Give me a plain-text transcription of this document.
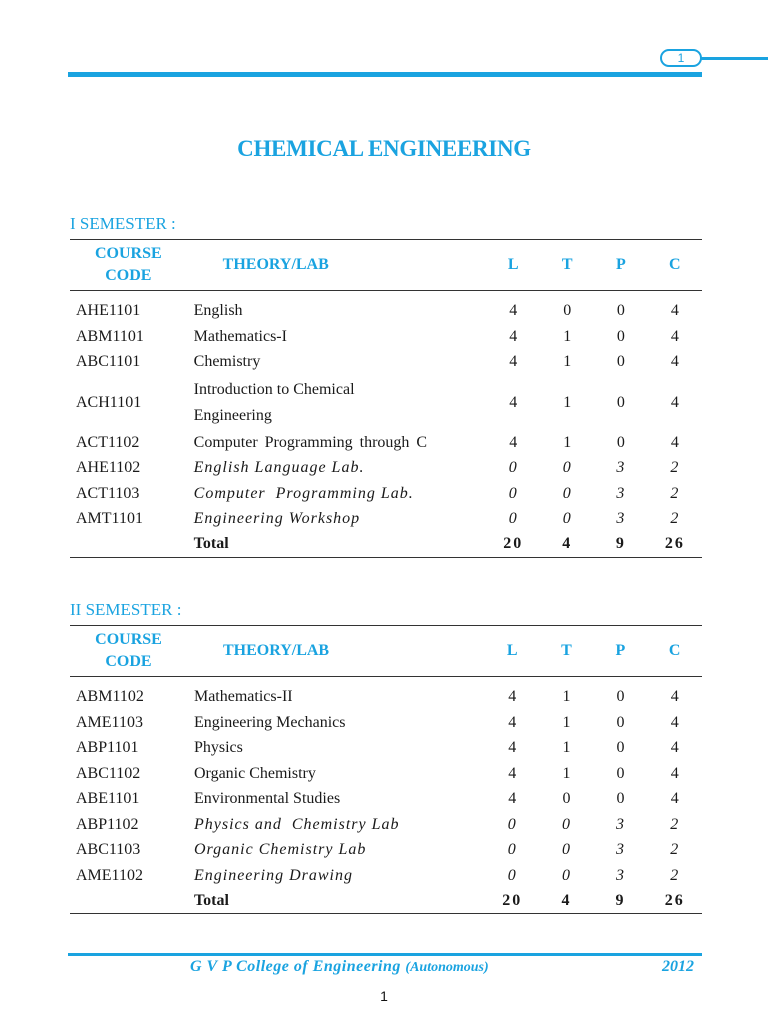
1
CHEMICAL ENGINEERING
I SEMESTER :
COURSE
CODE	THEORY/LAB	L	T	P	C

AHE1101	English	4	0	0	4
ABM1101	Mathematics-I	4	1	0	4
ABC1101	Chemistry	4	1	0	4
ACH1101	Introduction to Chemical
Engineering	4	1	0	4
ACT1102	Computer Programming through C	4	1	0	4
AHE1102	English Language Lab.	0	0	3	2
ACT1103	Computer  Programming Lab.	0	0	3	2
AMT1101	Engineering Workshop	0	0	3	2
	Total	20	4	9	26
II SEMESTER :
COURSE
CODE	THEORY/LAB	L	T	P	C

ABM1102	Mathematics-II	4	1	0	4
AME1103	Engineering Mechanics	4	1	0	4
ABP1101	Physics	4	1	0	4
ABC1102	Organic Chemistry	4	1	0	4
ABE1101	Environmental Studies	4	0	0	4
ABP1102	Physics and  Chemistry Lab	0	0	3	2
ABC1103	Organic Chemistry Lab	0	0	3	2
AME1102	Engineering Drawing	0	0	3	2
	Total	20	4	9	26
G V P College of Engineering (Autonomous)	2012
1
